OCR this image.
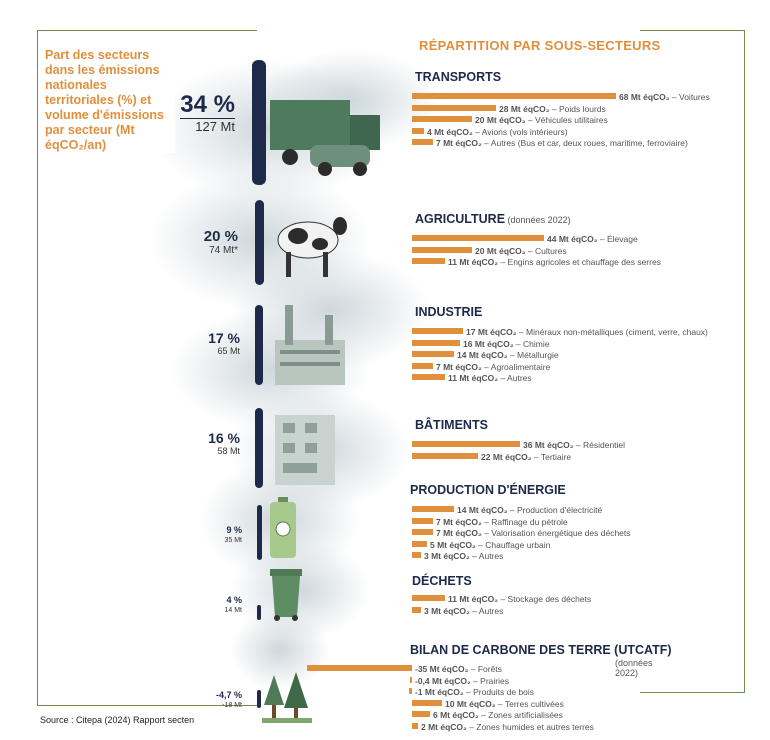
Part des secteurs dans les émissions nationales territoriales (%) et volume d'émissions par secteur (Mt éqCO₂/an)
RÉPARTITION PAR SOUS-SECTEURS
34 %
127 Mt
20 %
74 Mt*
17 %
65 Mt
16 %
58 Mt
9 %
35 Mt
4 %
14 Mt
-4,7 %
-18 Mt
TRANSPORTS
68 Mt éqCO₂ – Voitures
28 Mt éqCO₂ – Poids lourds
20 Mt éqCO₂ – Véhicules utilitaires
4 Mt éqCO₂ – Avions (vols intérieurs)
7 Mt éqCO₂ – Autres (Bus et car, deux roues, maritime, ferroviaire)
AGRICULTURE (données 2022)
44 Mt éqCO₂ – Élevage
20 Mt éqCO₂ – Cultures
11 Mt éqCO₂ – Engins agricoles et chauffage des serres
INDUSTRIE
17 Mt éqCO₂ – Minéraux non-métalliques (ciment, verre, chaux)
16 Mt éqCO₂ – Chimie
14 Mt éqCO₂ – Métallurgie
7 Mt éqCO₂ – Agroalimentaire
11 Mt éqCO₂ – Autres
BÂTIMENTS
36 Mt éqCO₂ – Résidentiel
22 Mt éqCO₂ – Tertiaire
PRODUCTION D'ÉNERGIE
14 Mt éqCO₂ – Production d'électricité
7 Mt éqCO₂ – Raffinage du pétrole
7 Mt éqCO₂ – Valorisation énergétique des déchets
5 Mt éqCO₂ – Chauffage urbain
3 Mt éqCO₂ – Autres
DÉCHETS
11 Mt éqCO₂ – Stockage des déchets
3 Mt éqCO₂ – Autres
BILAN DE CARBONE DES TERRE (UTCATF)
(données 2022)
-35 Mt éqCO₂ – Forêts
-0,4 Mt éqCO₂ – Prairies
-1 Mt éqCO₂ – Produits de bois
10 Mt éqCO₂ – Terres cultivées
6 Mt éqCO₂ – Zones artificialisées
2 Mt éqCO₂ – Zones humides et autres terres
Source : Citepa (2024) Rapport secten
